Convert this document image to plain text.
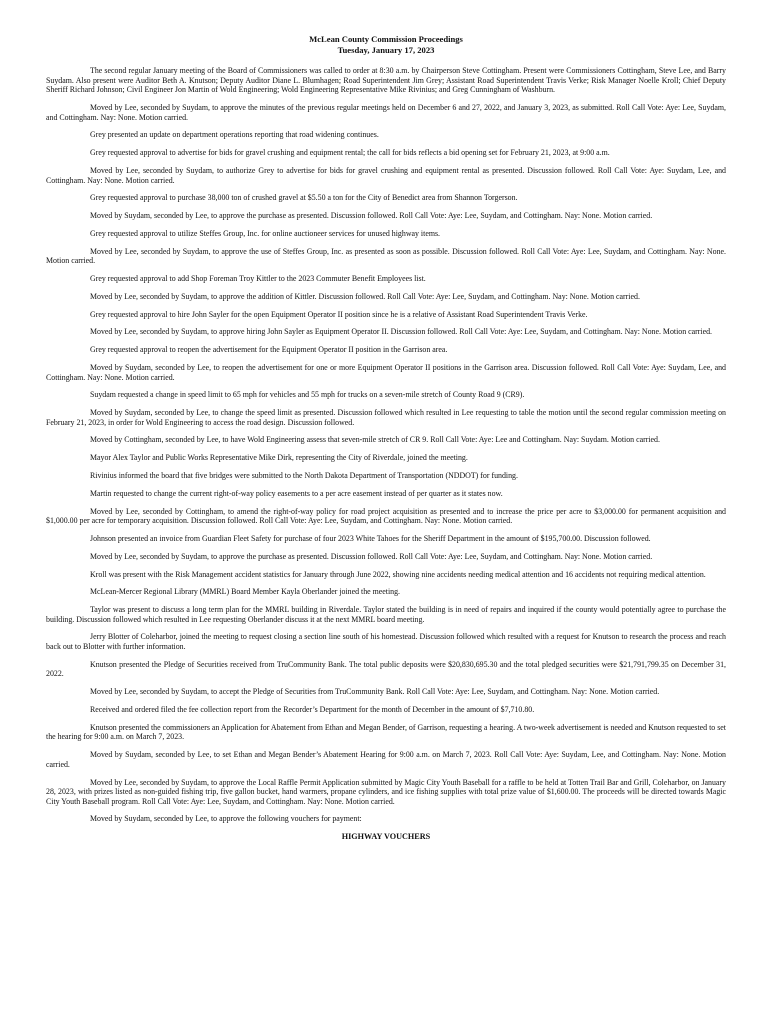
McLean County Commission Proceedings
Tuesday, January 17, 2023

The second regular January meeting of the Board of Commissioners was called to order at 8:30 a.m. by Chairperson Steve Cottingham. Present were Commissioners Cottingham, Steve Lee, and Barry Suydam. Also present were Auditor Beth A. Knutson; Deputy Auditor Diane L. Blumhagen; Road Superintendent Jim Grey; Assistant Road Superintendent Travis Verke; Risk Manager Noelle Kroll; Chief Deputy Sheriff Richard Johnson; Civil Engineer Jon Martin of Wold Engineering; Wold Engineering Representative Mike Rivinius; and Greg Cunningham of Washburn.

Moved by Lee, seconded by Suydam, to approve the minutes of the previous regular meetings held on December 6 and 27, 2022, and January 3, 2023, as submitted. Roll Call Vote: Aye: Lee, Suydam, and Cottingham. Nay: None. Motion carried.

Grey presented an update on department operations reporting that road widening continues.

Grey requested approval to advertise for bids for gravel crushing and equipment rental; the call for bids reflects a bid opening set for February 21, 2023, at 9:00 a.m.

Moved by Lee, seconded by Suydam, to authorize Grey to advertise for bids for gravel crushing and equipment rental as presented. Discussion followed. Roll Call Vote: Aye: Suydam, Lee, and Cottingham. Nay: None. Motion carried.

Grey requested approval to purchase 38,000 ton of crushed gravel at $5.50 a ton for the City of Benedict area from Shannon Torgerson.

Moved by Suydam, seconded by Lee, to approve the purchase as presented. Discussion followed. Roll Call Vote: Aye: Lee, Suydam, and Cottingham. Nay: None. Motion carried.

Grey requested approval to utilize Steffes Group, Inc. for online auctioneer services for unused highway items.

Moved by Lee, seconded by Suydam, to approve the use of Steffes Group, Inc. as presented as soon as possible. Discussion followed. Roll Call Vote: Aye: Lee, Suydam, and Cottingham. Nay: None. Motion carried.

Grey requested approval to add Shop Foreman Troy Kittler to the 2023 Commuter Benefit Employees list.

Moved by Lee, seconded by Suydam, to approve the addition of Kittler. Discussion followed. Roll Call Vote: Aye: Lee, Suydam, and Cottingham. Nay: None. Motion carried.

Grey requested approval to hire John Sayler for the open Equipment Operator II position since he is a relative of Assistant Road Superintendent Travis Verke.

Moved by Lee, seconded by Suydam, to approve hiring John Sayler as Equipment Operator II. Discussion followed. Roll Call Vote: Aye: Lee, Suydam, and Cottingham. Nay: None. Motion carried.

Grey requested approval to reopen the advertisement for the Equipment Operator II position in the Garrison area.

Moved by Suydam, seconded by Lee, to reopen the advertisement for one or more Equipment Operator II positions in the Garrison area. Discussion followed. Roll Call Vote: Aye: Suydam, Lee, and Cottingham. Nay: None. Motion carried.

Suydam requested a change in speed limit to 65 mph for vehicles and 55 mph for trucks on a seven-mile stretch of County Road 9 (CR9).

Moved by Suydam, seconded by Lee, to change the speed limit as presented. Discussion followed which resulted in Lee requesting to table the motion until the second regular commission meeting on February 21, 2023, in order for Wold Engineering to access the road design. Discussion followed.

Moved by Cottingham, seconded by Lee, to have Wold Engineering assess that seven-mile stretch of CR 9. Roll Call Vote: Aye: Lee and Cottingham. Nay: Suydam. Motion carried.

Mayor Alex Taylor and Public Works Representative Mike Dirk, representing the City of Riverdale, joined the meeting.

Rivinius informed the board that five bridges were submitted to the North Dakota Department of Transportation (NDDOT) for funding.

Martin requested to change the current right-of-way policy easements to a per acre easement instead of per quarter as it states now.

Moved by Lee, seconded by Cottingham, to amend the right-of-way policy for road project acquisition as presented and to increase the price per acre to $3,000.00 for permanent acquisition and $1,000.00 per acre for temporary acquisition. Discussion followed. Roll Call Vote: Aye: Lee, Suydam, and Cottingham. Nay: None. Motion carried.

Johnson presented an invoice from Guardian Fleet Safety for purchase of four 2023 White Tahoes for the Sheriff Department in the amount of $195,700.00. Discussion followed.

Moved by Lee, seconded by Suydam, to approve the purchase as presented. Discussion followed. Roll Call Vote: Aye: Lee, Suydam, and Cottingham. Nay: None. Motion carried.

Kroll was present with the Risk Management accident statistics for January through June 2022, showing nine accidents needing medical attention and 16 accidents not requiring medical attention.

McLean-Mercer Regional Library (MMRL) Board Member Kayla Oberlander joined the meeting.

Taylor was present to discuss a long term plan for the MMRL building in Riverdale. Taylor stated the building is in need of repairs and inquired if the county would potentially agree to purchase the building. Discussion followed which resulted in Lee requesting Oberlander discuss it at the next MMRL board meeting.

Jerry Blotter of Coleharbor, joined the meeting to request closing a section line south of his homestead. Discussion followed which resulted with a request for Knutson to research the process and reach back out to Blotter with further information.

Knutson presented the Pledge of Securities received from TruCommunity Bank. The total public deposits were $20,830,695.30 and the total pledged securities were $21,791,799.35 on December 31, 2022.

Moved by Lee, seconded by Suydam, to accept the Pledge of Securities from TruCommunity Bank. Roll Call Vote: Aye: Lee, Suydam, and Cottingham. Nay: None. Motion carried.

Received and ordered filed the fee collection report from the Recorder’s Department for the month of December in the amount of $7,710.80.

Knutson presented the commissioners an Application for Abatement from Ethan and Megan Bender, of Garrison, requesting a hearing. A two-week advertisement is needed and Knutson requested to set the hearing for 9:00 a.m. on March 7, 2023.

Moved by Suydam, seconded by Lee, to set Ethan and Megan Bender’s Abatement Hearing for 9:00 a.m. on March 7, 2023. Roll Call Vote: Aye: Suydam, Lee, and Cottingham. Nay: None. Motion carried.

Moved by Lee, seconded by Suydam, to approve the Local Raffle Permit Application submitted by Magic City Youth Baseball for a raffle to be held at Totten Trail Bar and Grill, Coleharbor, on January 28, 2023, with prizes listed as non-guided fishing trip, five gallon bucket, hand warmers, propane cylinders, and ice fishing supplies with total prize value of $1,600.00. The proceeds will be directed towards Magic City Youth Baseball program. Roll Call Vote: Aye: Lee, Suydam, and Cottingham. Nay: None. Motion carried.

Moved by Suydam, seconded by Lee, to approve the following vouchers for payment:

HIGHWAY VOUCHERS
